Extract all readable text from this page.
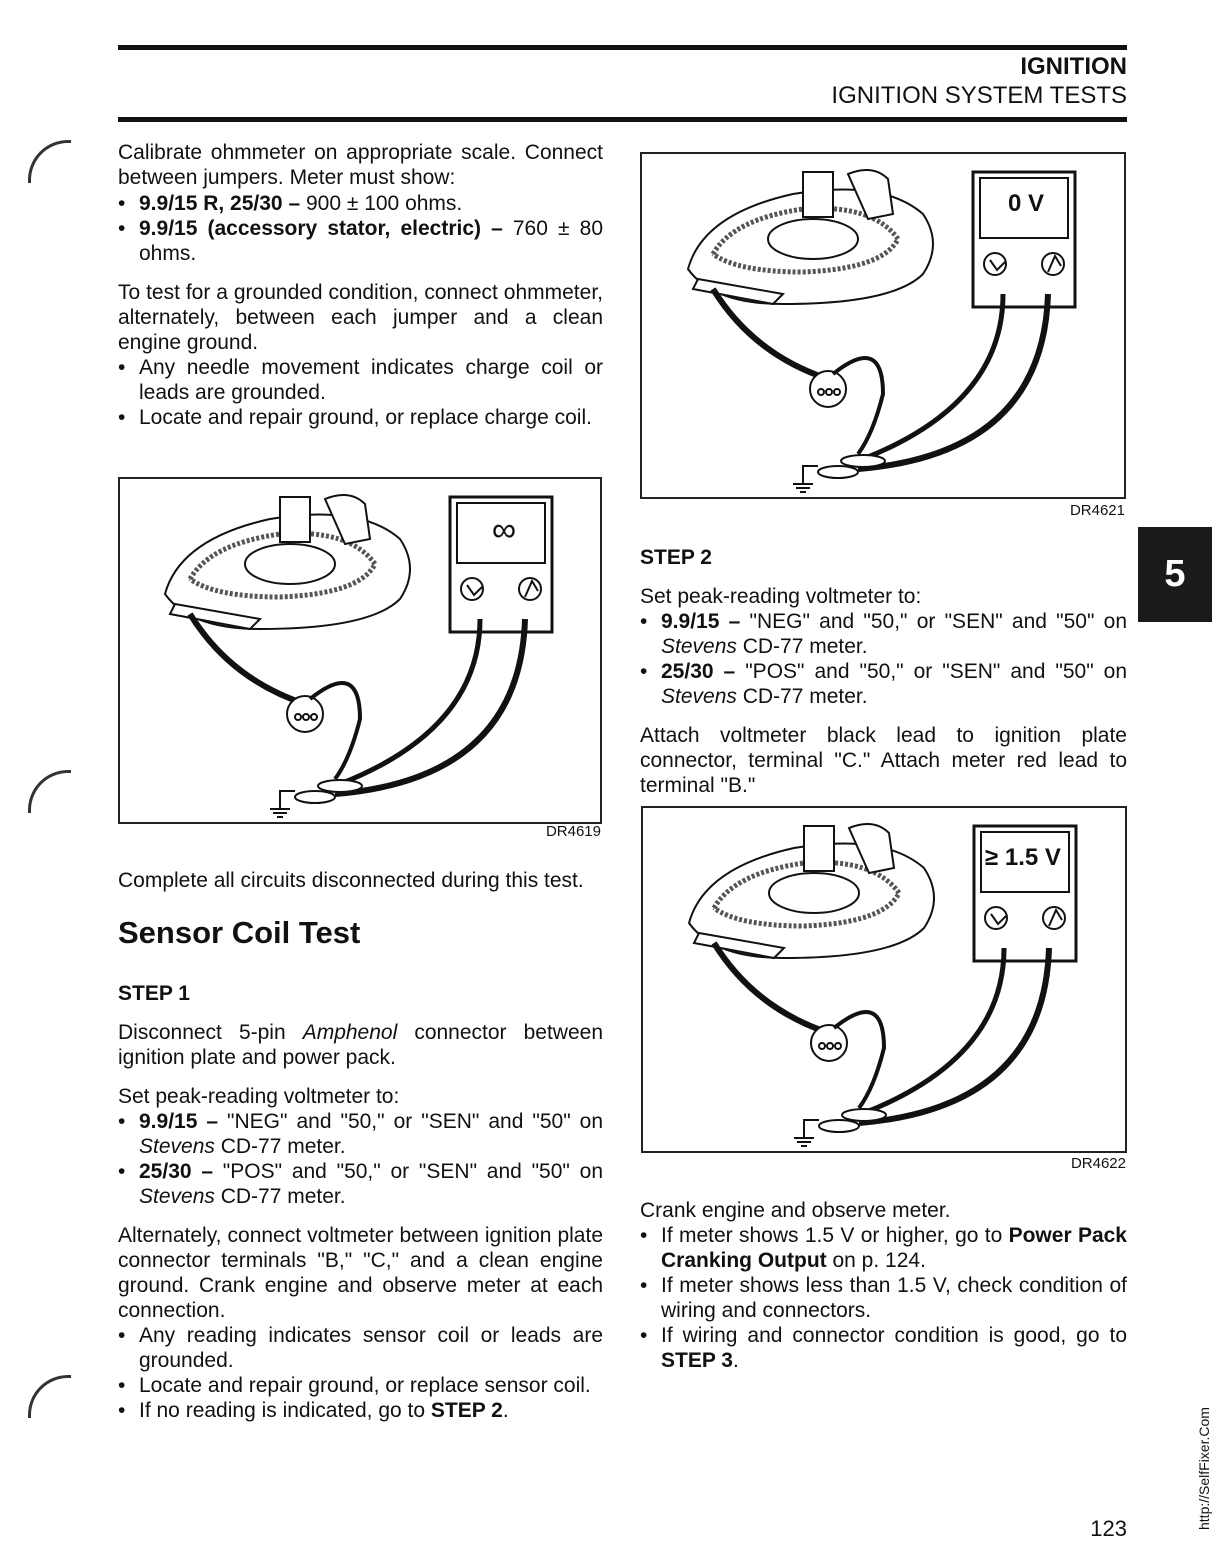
IGNITION
IGNITION SYSTEM TESTS

Calibrate ohmmeter on appropriate scale. Connect between jumpers. Meter must show:

• 9.9/15 R, 25/30 – 900 ± 100 ohms.
• 9.9/15 (accessory stator, electric) – 760 ± 80 ohms.

To test for a grounded condition, connect ohmmeter, alternately, between each jumper and a clean engine ground.

• Any needle movement indicates charge coil or leads are grounded.
• Locate and repair ground, or replace charge coil.
∞
DR4619

Complete all circuits disconnected during this test.

Sensor Coil Test

STEP 1

Disconnect 5-pin Amphenol connector between ignition plate and power pack.

Set peak-reading voltmeter to:

• 9.9/15 – "NEG" and "50," or "SEN" and "50" on Stevens CD-77 meter.
• 25/30 – "POS" and "50," or "SEN" and "50" on Stevens CD-77 meter.

Alternately, connect voltmeter between ignition plate connector terminals "B," "C," and a clean engine ground. Crank engine and observe meter at each connection.

• Any reading indicates sensor coil or leads are grounded.
• Locate and repair ground, or replace sensor coil.
• If no reading is indicated, go to STEP 2.
0 V
DR4621

STEP 2

Set peak-reading voltmeter to:

• 9.9/15 – "NEG" and "50," or "SEN" and "50" on Stevens CD-77 meter.
• 25/30 – "POS" and "50," or "SEN" and "50" on Stevens CD-77 meter.

Attach voltmeter black lead to ignition plate connector, terminal "C." Attach meter red lead to terminal "B."

≥ 1.5 V
DR4622

Crank engine and observe meter.

• If meter shows 1.5 V or higher, go to Power Pack Cranking Output on p. 124.
• If meter shows less than 1.5 V, check condition of wiring and connectors.
• If wiring and connector condition is good, go to STEP 3.
5
123	http://SelfFixer.Com
